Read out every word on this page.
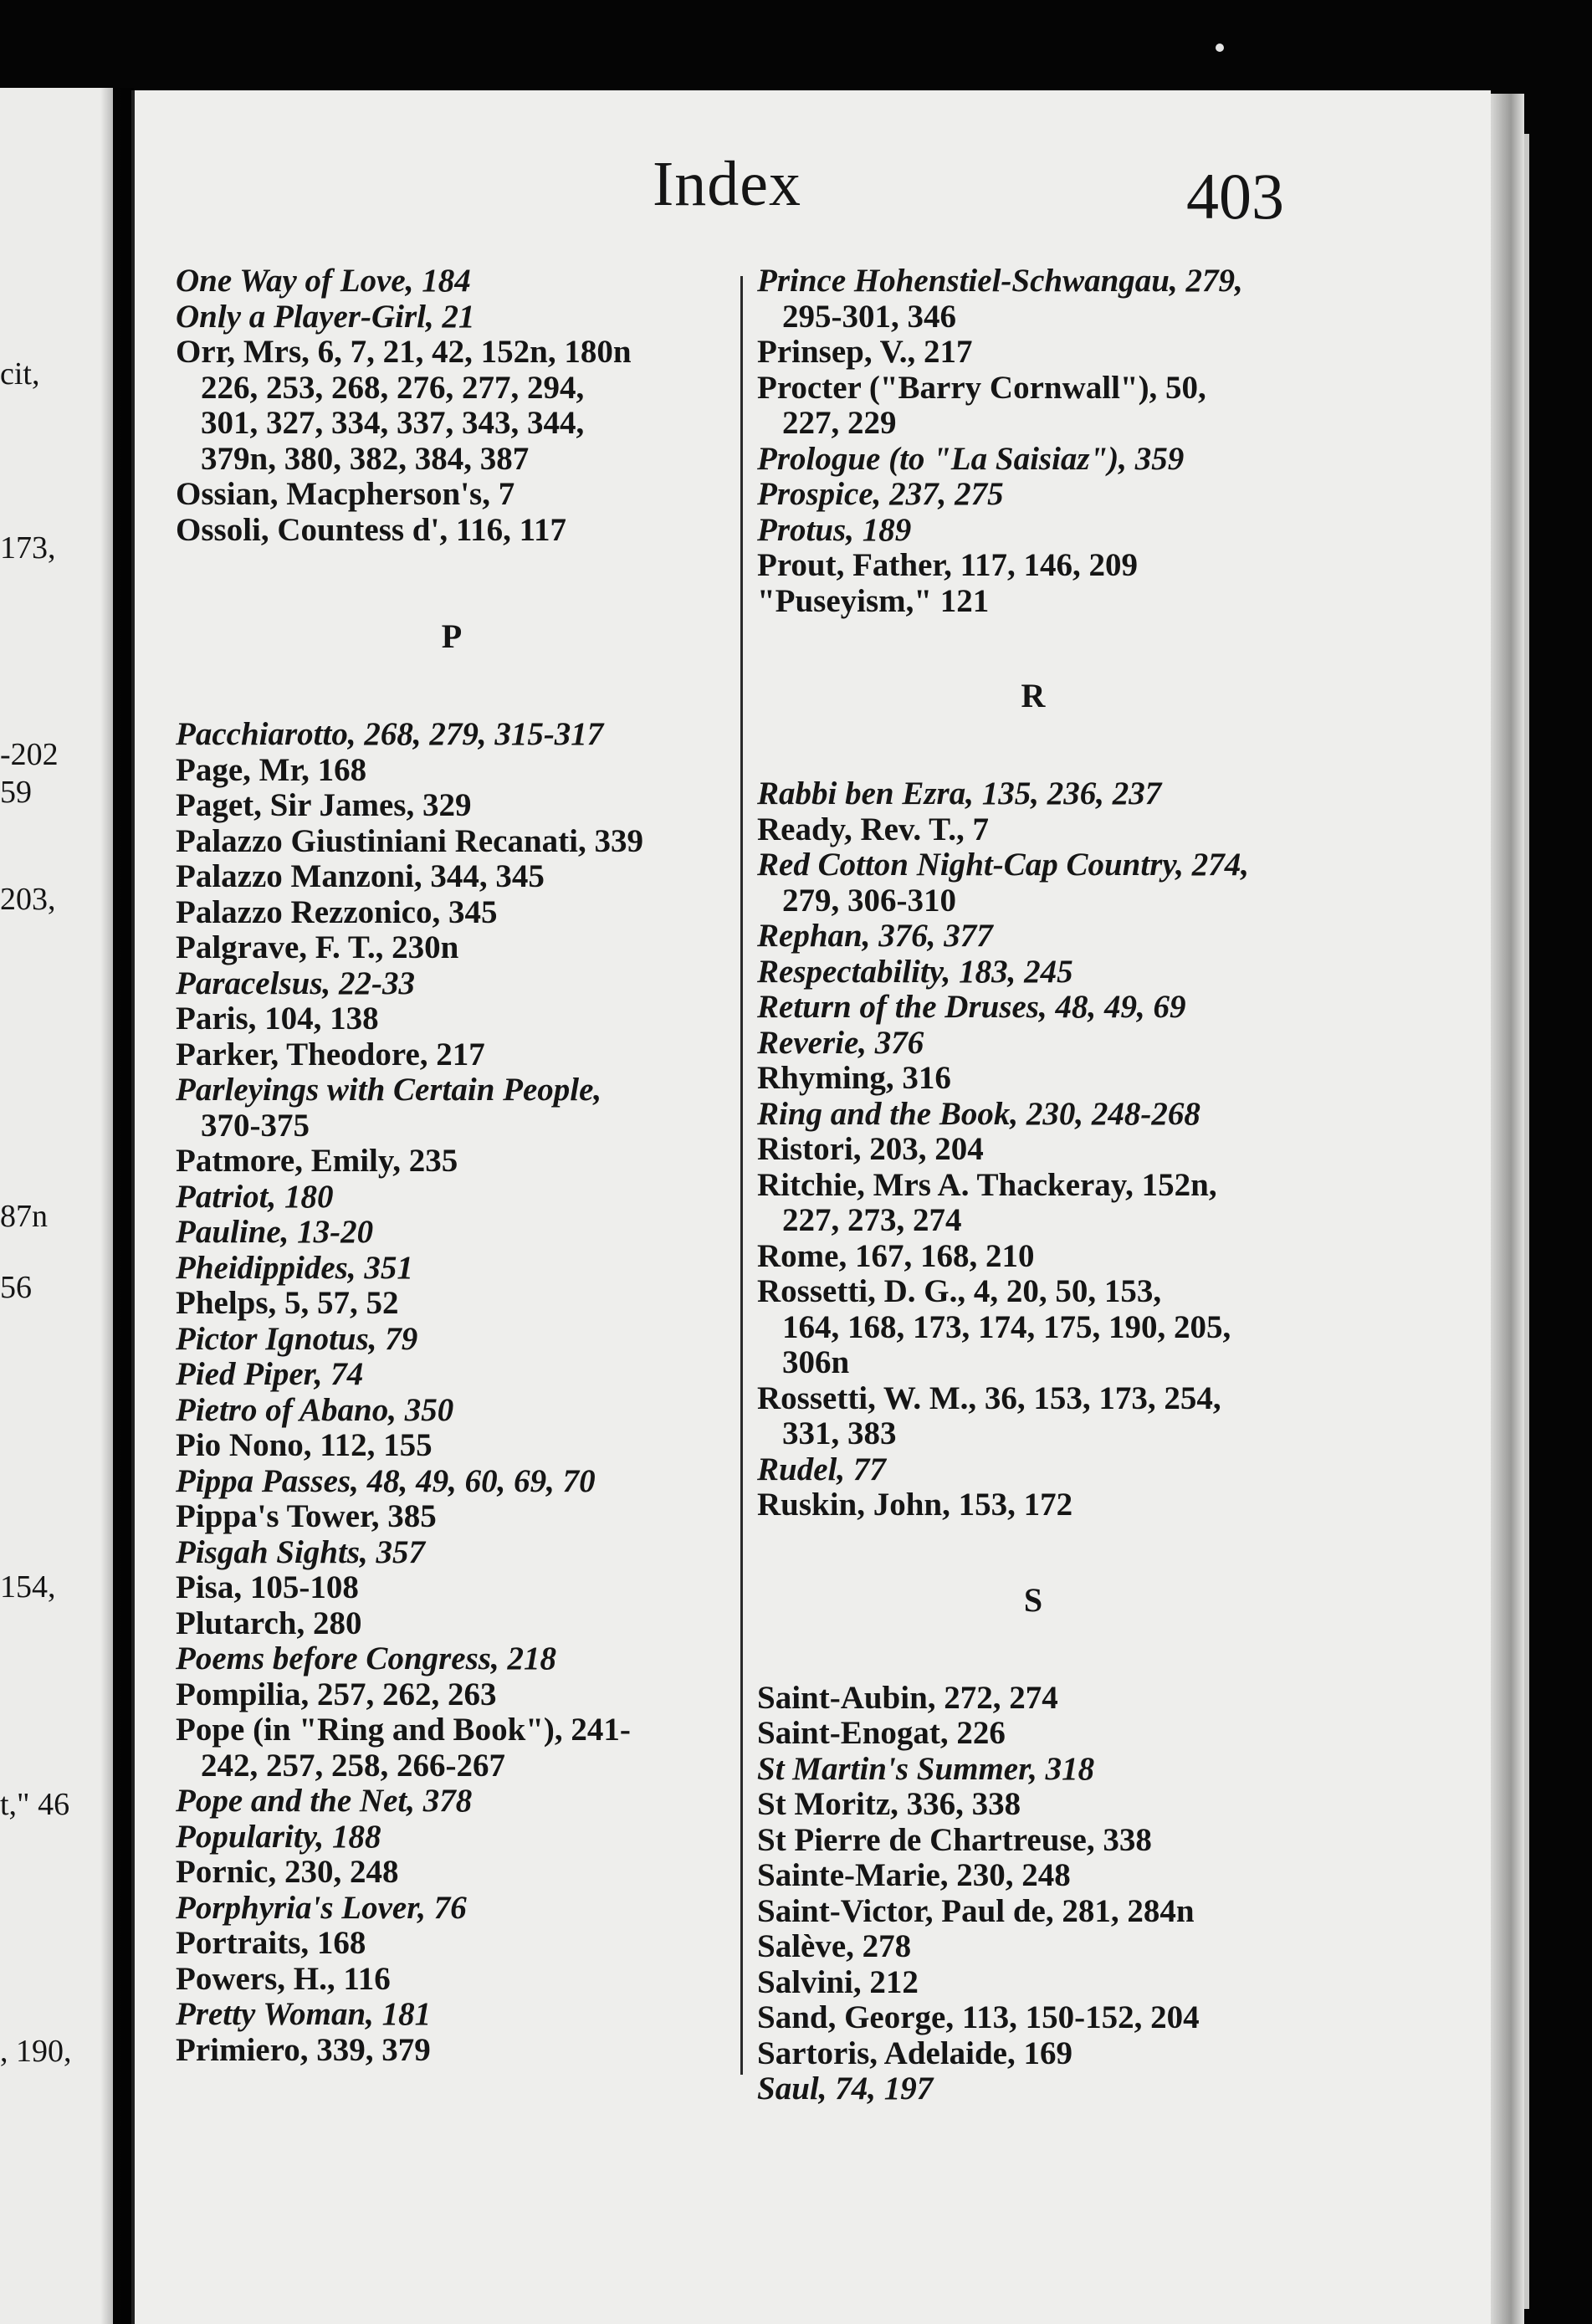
cit,
173,
-202
59
203,
87n
56
154,
t," 46
, 190,
Index	403
One Way of Love, 184
Only a Player-Girl, 21
Orr, Mrs, 6, 7, 21, 42, 152n, 180n
226, 253, 268, 276, 277, 294,
301, 327, 334, 337, 343, 344,
379n, 380, 382, 384, 387
Ossian, Macpherson's, 7
Ossoli, Countess d', 116, 117
P
Pacchiarotto, 268, 279, 315-317
Page, Mr, 168
Paget, Sir James, 329
Palazzo Giustiniani Recanati, 339
Palazzo Manzoni, 344, 345
Palazzo Rezzonico, 345
Palgrave, F. T., 230n
Paracelsus, 22-33
Paris, 104, 138
Parker, Theodore, 217
Parleyings with Certain People,
370-375
Patmore, Emily, 235
Patriot, 180
Pauline, 13-20
Pheidippides, 351
Phelps, 5, 57, 52
Pictor Ignotus, 79
Pied Piper, 74
Pietro of Abano, 350
Pio Nono, 112, 155
Pippa Passes, 48, 49, 60, 69, 70
Pippa's Tower, 385
Pisgah Sights, 357
Pisa, 105-108
Plutarch, 280
Poems before Congress, 218
Pompilia, 257, 262, 263
Pope (in "Ring and Book"), 241-
242, 257, 258, 266-267
Pope and the Net, 378
Popularity, 188
Pornic, 230, 248
Porphyria's Lover, 76
Portraits, 168
Powers, H., 116
Pretty Woman, 181
Primiero, 339, 379
Prince Hohenstiel-Schwangau, 279,
295-301, 346
Prinsep, V., 217
Procter ("Barry Cornwall"), 50,
227, 229
Prologue (to "La Saisiaz"), 359
Prospice, 237, 275
Protus, 189
Prout, Father, 117, 146, 209
"Puseyism," 121
R
Rabbi ben Ezra, 135, 236, 237
Ready, Rev. T., 7
Red Cotton Night-Cap Country, 274,
279, 306-310
Rephan, 376, 377
Respectability, 183, 245
Return of the Druses, 48, 49, 69
Reverie, 376
Rhyming, 316
Ring and the Book, 230, 248-268
Ristori, 203, 204
Ritchie, Mrs A. Thackeray, 152n,
227, 273, 274
Rome, 167, 168, 210
Rossetti, D. G., 4, 20, 50, 153,
164, 168, 173, 174, 175, 190, 205,
306n
Rossetti, W. M., 36, 153, 173, 254,
331, 383
Rudel, 77
Ruskin, John, 153, 172
S
Saint-Aubin, 272, 274
Saint-Enogat, 226
St Martin's Summer, 318
St Moritz, 336, 338
St Pierre de Chartreuse, 338
Sainte-Marie, 230, 248
Saint-Victor, Paul de, 281, 284n
Salève, 278
Salvini, 212
Sand, George, 113, 150-152, 204
Sartoris, Adelaide, 169
Saul, 74, 197
